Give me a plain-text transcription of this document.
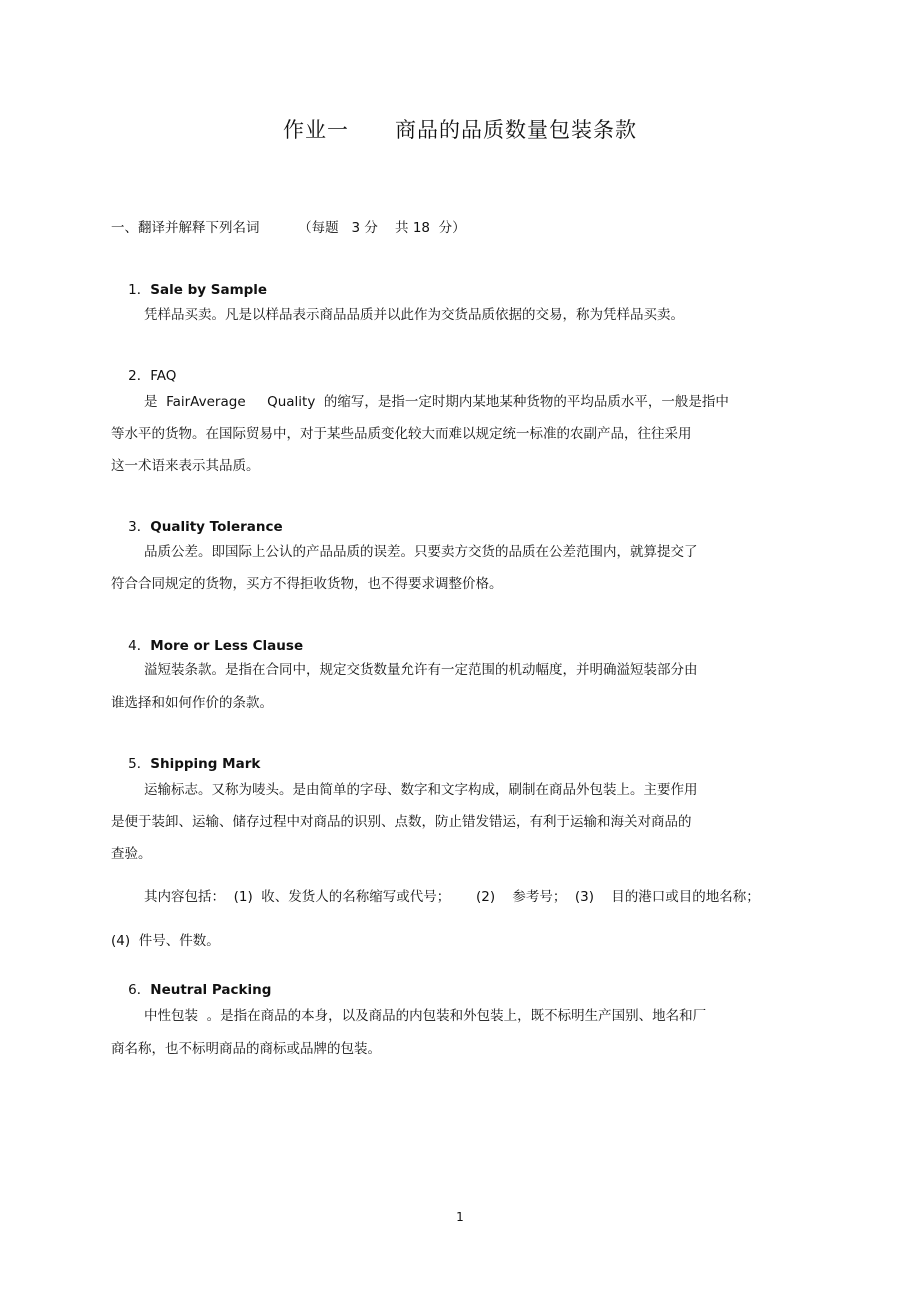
作业一      商品的品质数量包装条款
一、翻译并解释下列名词         （每题   3 分    共 18  分）

1．Sale by Sample

凭样品买卖。凡是以样品表示商品品质并以此作为交货品质依据的交易，称为凭样品买卖。

2．FAQ

是  FairAverage     Quality  的缩写，是指一定时期内某地某种货物的平均品质水平，一般是指中
等水平的货物。在国际贸易中，对于某些品质变化较大而难以规定统一标准的农副产品，往往采用
这一术语来表示其品质。

3．Quality Tolerance

品质公差。即国际上公认的产品品质的误差。只要卖方交货的品质在公差范围内，就算提交了
符合合同规定的货物，买方不得拒收货物，也不得要求调整价格。

4．More or Less Clause

溢短装条款。是指在合同中，规定交货数量允许有一定范围的机动幅度，并明确溢短装部分由
谁选择和如何作价的条款。

5．Shipping Mark

运输标志。又称为唛头。是由简单的字母、数字和文字构成，刷制在商品外包装上。主要作用
是便于装卸、运输、储存过程中对商品的识别、点数，防止错发错运，有利于运输和海关对商品的
查验。
其内容包括：  (1)  收、发货人的名称缩写或代号；      (2)    参考号；  (3)    目的港口或目的地名称；
(4)  件号、件数。

6．Neutral Packing

中性包装  。是指在商品的本身，以及商品的内包装和外包装上，既不标明生产国别、地名和厂
商名称，也不标明商品的商标或品牌的包装。
1
